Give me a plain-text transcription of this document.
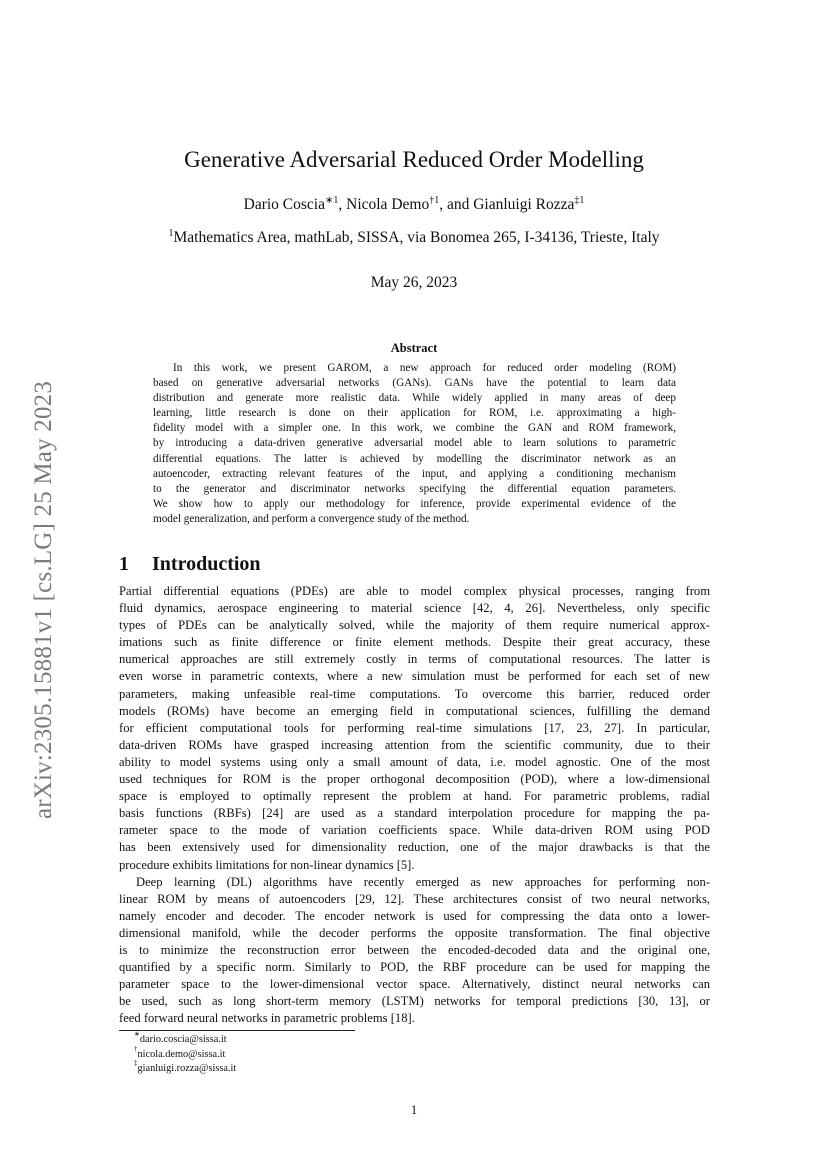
arXiv:2305.15881v1 [cs.LG] 25 May 2023
Generative Adversarial Reduced Order Modelling
Dario Coscia$^{∗1}$, Nicola Demo$^{\dagger 1}$, and Gianluigi Rozza$^{\ddagger 1}$
$^1$Mathematics Area, mathLab, SISSA, via Bonomea 265, I-34136, Trieste, Italy
May 26, 2023
Abstract
In this work, we present GAROM, a new approach for reduced order modeling (ROM)
based on generative adversarial networks (GANs). GANs have the potential to learn data
distribution and generate more realistic data. While widely applied in many areas of deep
learning, little research is done on their application for ROM, i.e. approximating a high-
fidelity model with a simpler one. In this work, we combine the GAN and ROM framework,
by introducing a data-driven generative adversarial model able to learn solutions to parametric
differential equations. The latter is achieved by modelling the discriminator network as an
autoencoder, extracting relevant features of the input, and applying a conditioning mechanism
to the generator and discriminator networks specifying the differential equation parameters.
We show how to apply our methodology for inference, provide experimental evidence of the
model generalization, and perform a convergence study of the method.
1 Introduction
Partial differential equations (PDEs) are able to model complex physical processes, ranging from
fluid dynamics, aerospace engineering to material science [42, 4, 26]. Nevertheless, only specific
types of PDEs can be analytically solved, while the majority of them require numerical approx-
imations such as finite difference or finite element methods. Despite their great accuracy, these
numerical approaches are still extremely costly in terms of computational resources. The latter is
even worse in parametric contexts, where a new simulation must be performed for each set of new
parameters, making unfeasible real-time computations. To overcome this barrier, reduced order
models (ROMs) have become an emerging field in computational sciences, fulfilling the demand
for efficient computational tools for performing real-time simulations [17, 23, 27]. In particular,
data-driven ROMs have grasped increasing attention from the scientific community, due to their
ability to model systems using only a small amount of data, i.e. model agnostic. One of the most
used techniques for ROM is the proper orthogonal decomposition (POD), where a low-dimensional
space is employed to optimally represent the problem at hand. For parametric problems, radial
basis functions (RBFs) [24] are used as a standard interpolation procedure for mapping the pa-
rameter space to the mode of variation coefficients space. While data-driven ROM using POD
has been extensively used for dimensionality reduction, one of the major drawbacks is that the
procedure exhibits limitations for non-linear dynamics [5].
Deep learning (DL) algorithms have recently emerged as new approaches for performing non-
linear ROM by means of autoencoders [29, 12]. These architectures consist of two neural networks,
namely encoder and decoder. The encoder network is used for compressing the data onto a lower-
dimensional manifold, while the decoder performs the opposite transformation. The final objective
is to minimize the reconstruction error between the encoded-decoded data and the original one,
quantified by a specific norm. Similarly to POD, the RBF procedure can be used for mapping the
parameter space to the lower-dimensional vector space. Alternatively, distinct neural networks can
be used, such as long short-term memory (LSTM) networks for temporal predictions [30, 13], or
feed forward neural networks in parametric problems [18].
∗dario.coscia@sissa.it
†nicola.demo@sissa.it
‡gianluigi.rozza@sissa.it
1
